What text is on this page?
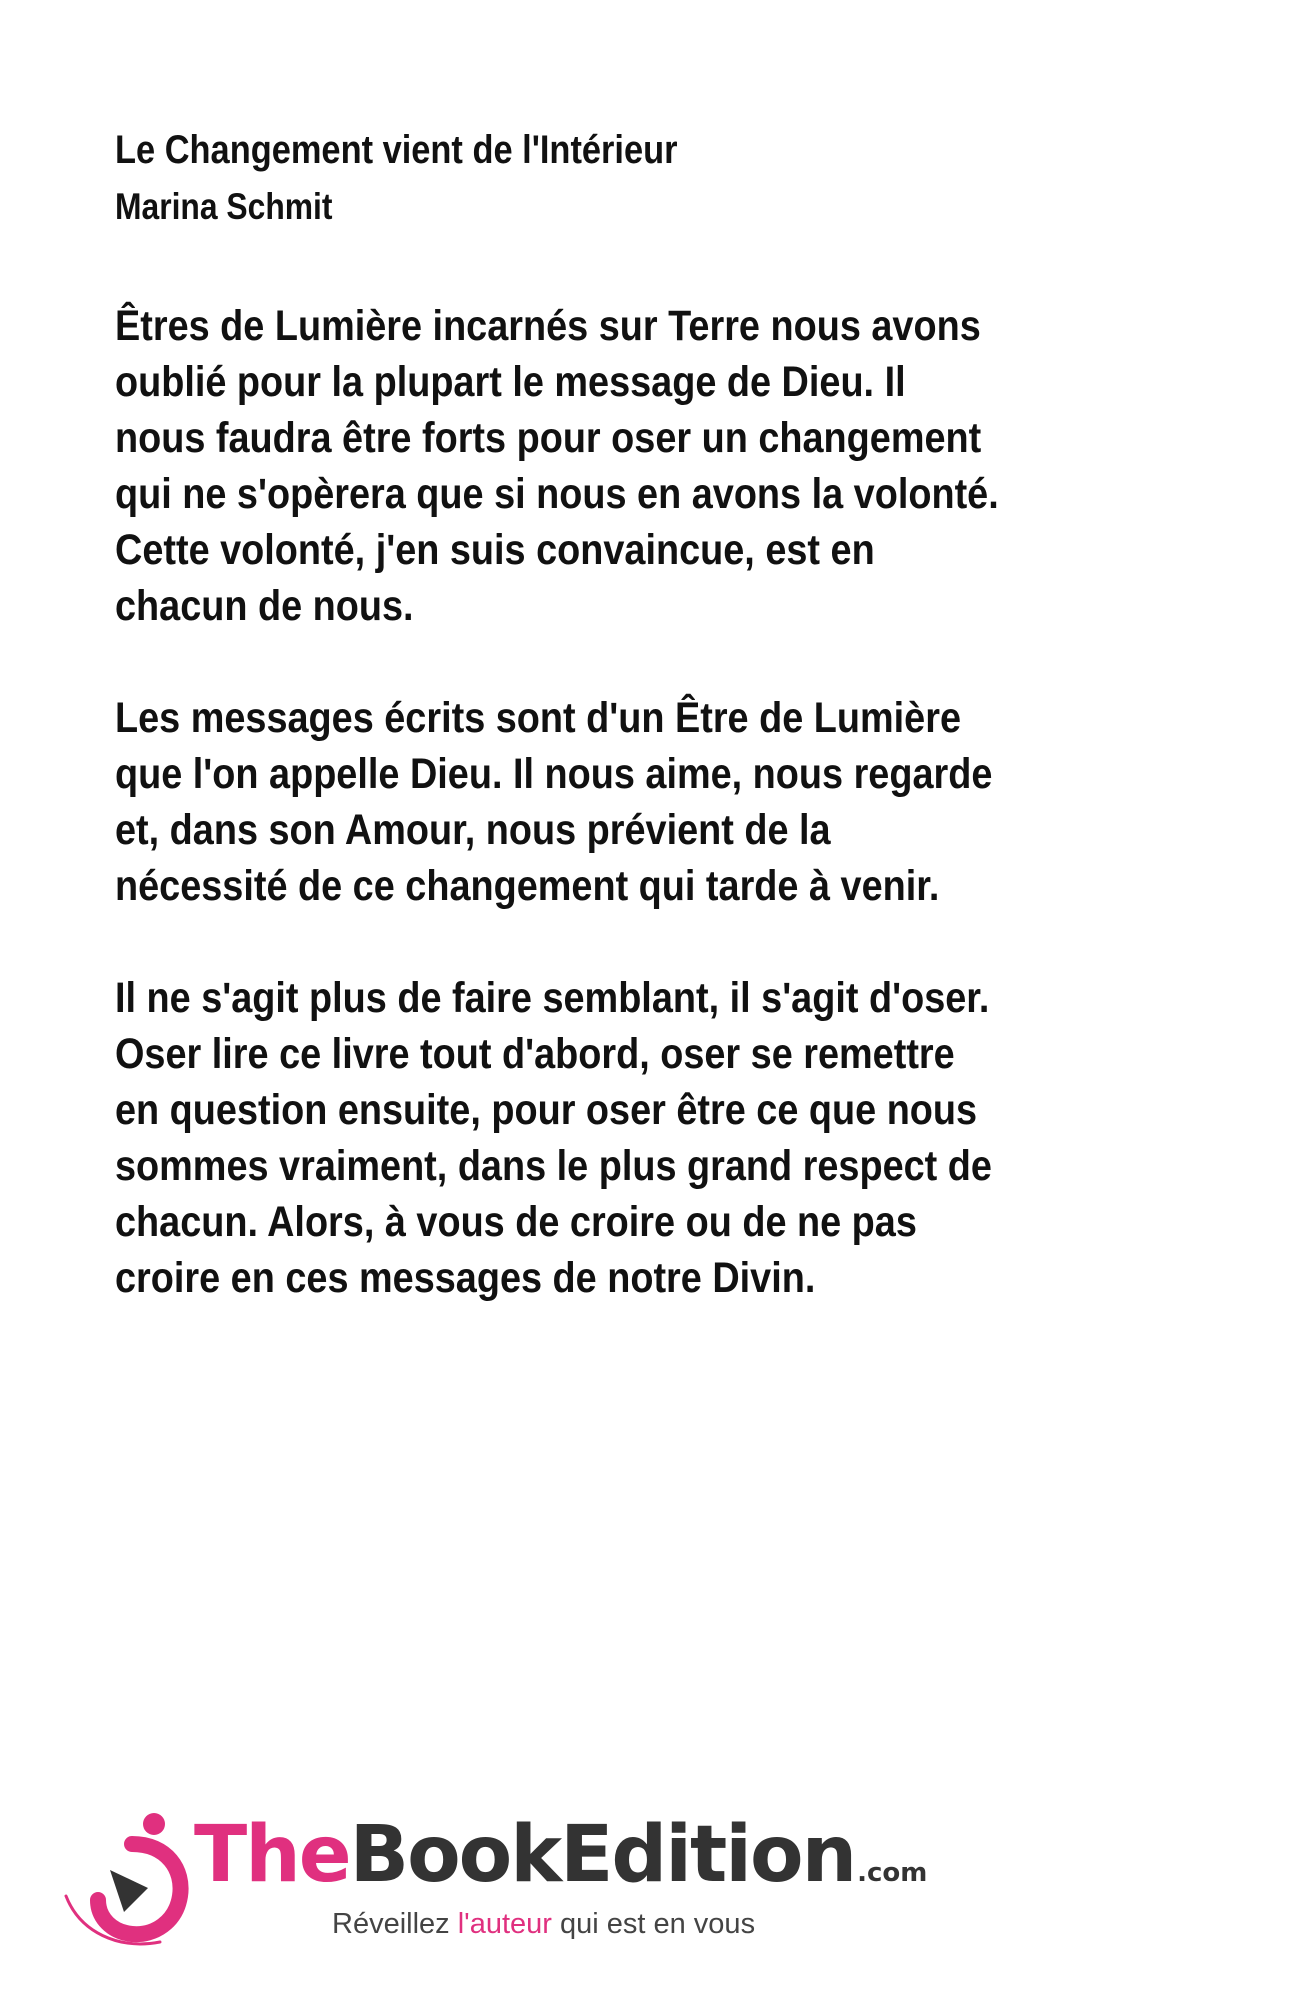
Le Changement vient de l'Intérieur
Marina Schmit

Êtres de Lumière incarnés sur Terre nous avons
oublié pour la plupart le message de Dieu. Il
nous faudra être forts pour oser un changement
qui ne s'opèrera que si nous en avons la volonté.
Cette volonté, j'en suis convaincue, est en
chacun de nous.

Les messages écrits sont d'un Être de Lumière
que l'on appelle Dieu. Il nous aime, nous regarde
et, dans son Amour, nous prévient de la
nécessité de ce changement qui tarde à venir.

Il ne s'agit plus de faire semblant, il s'agit d'oser.
Oser lire ce livre tout d'abord, oser se remettre
en question ensuite, pour oser être ce que nous
sommes vraiment, dans le plus grand respect de
chacun. Alors, à vous de croire ou de ne pas
croire en ces messages de notre Divin.

TheBookEdition.com
Réveillez l'auteur qui est en vous
